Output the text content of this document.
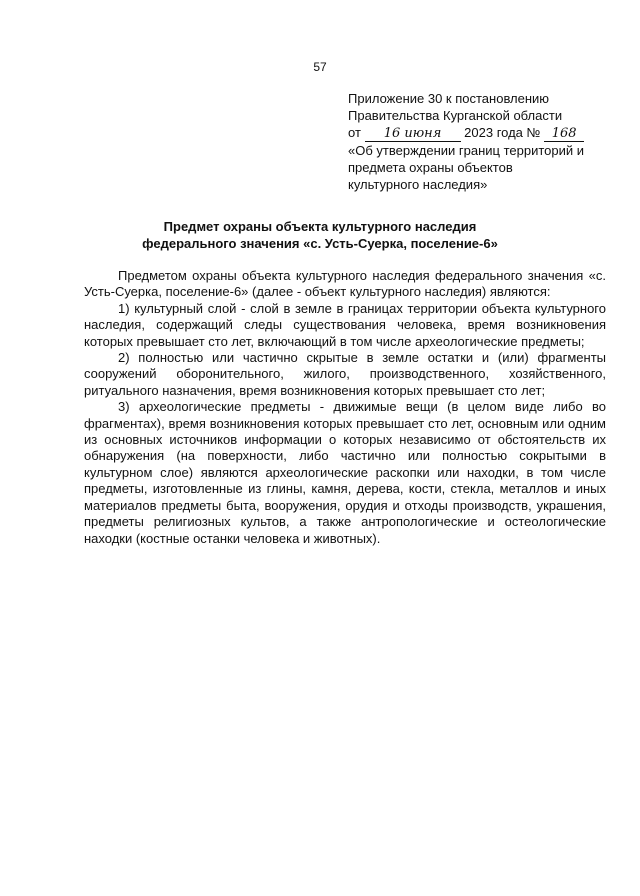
57
Приложение 30 к постановлению
Правительства Курганской области
от 16 июня 2023 года № 168
«Об утверждении границ территорий и
предмета охраны объектов
культурного наследия»
Предмет охраны объекта культурного наследия
федерального значения «с. Усть-Суерка, поселение-6»

Предметом охраны объекта культурного наследия федерального значения «с. Усть-Суерка, поселение-6» (далее - объект культурного наследия) являются:

1) культурный слой - слой в земле в границах территории объекта культурного наследия, содержащий следы существования человека, время возникновения которых превышает сто лет, включающий в том числе археологические предметы;

2) полностью или частично скрытые в земле остатки и (или) фрагменты сооружений оборонительного, жилого, производственного, хозяйственного, ритуального назначения, время возникновения которых превышает сто лет;

3) археологические предметы - движимые вещи (в целом виде либо во фрагментах), время возникновения которых превышает сто лет, основным или одним из основных источников информации о которых независимо от обстоятельств их обнаружения (на поверхности, либо частично или полностью сокрытыми в культурном слое) являются археологические раскопки или находки, в том числе предметы, изготовленные из глины, камня, дерева, кости, стекла, металлов и иных материалов предметы быта, вооружения, орудия и отходы производств, украшения, предметы религиозных культов, а также антропологические и остеологические находки (костные останки человека и животных).
